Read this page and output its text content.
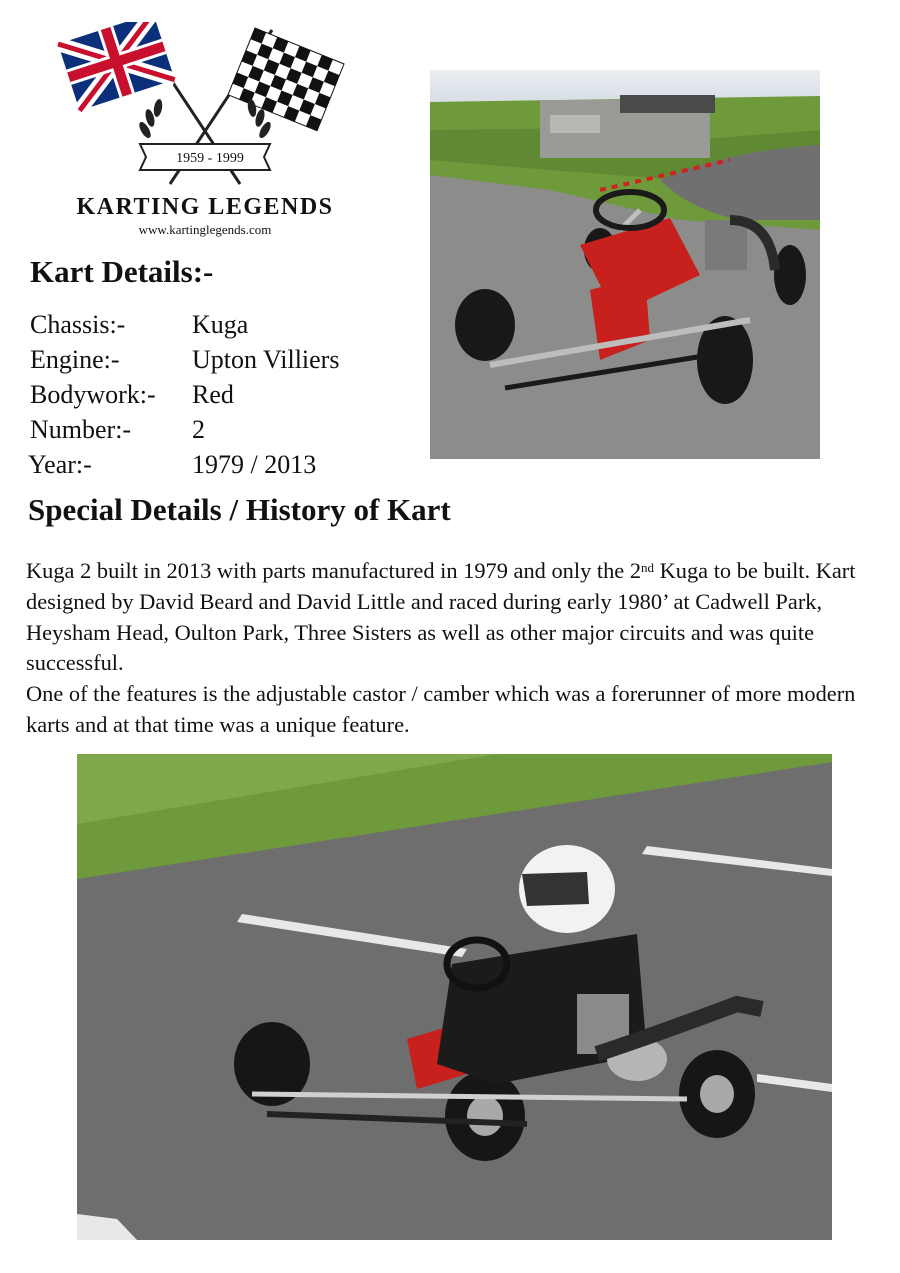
1959 - 1999
KARTING LEGENDS
www.kartinglegends.com
Kart Details:-
Chassis:-	Kuga
Engine:-	Upton Villiers
Bodywork:- Red
Number:- 2
Year:-	1979 / 2013
Special Details / History of Kart

Kuga 2 built in 2013 with parts manufactured in 1979 and only the 2nd Kuga to be built. Kart designed by David Beard and David Little and raced during early 1980’ at Cadwell Park, Heysham Head, Oulton Park, Three Sisters as well as other major circuits and was quite successful.

One of the features is the adjustable castor / camber which was a forerunner of more modern karts and at that time was a unique feature.
